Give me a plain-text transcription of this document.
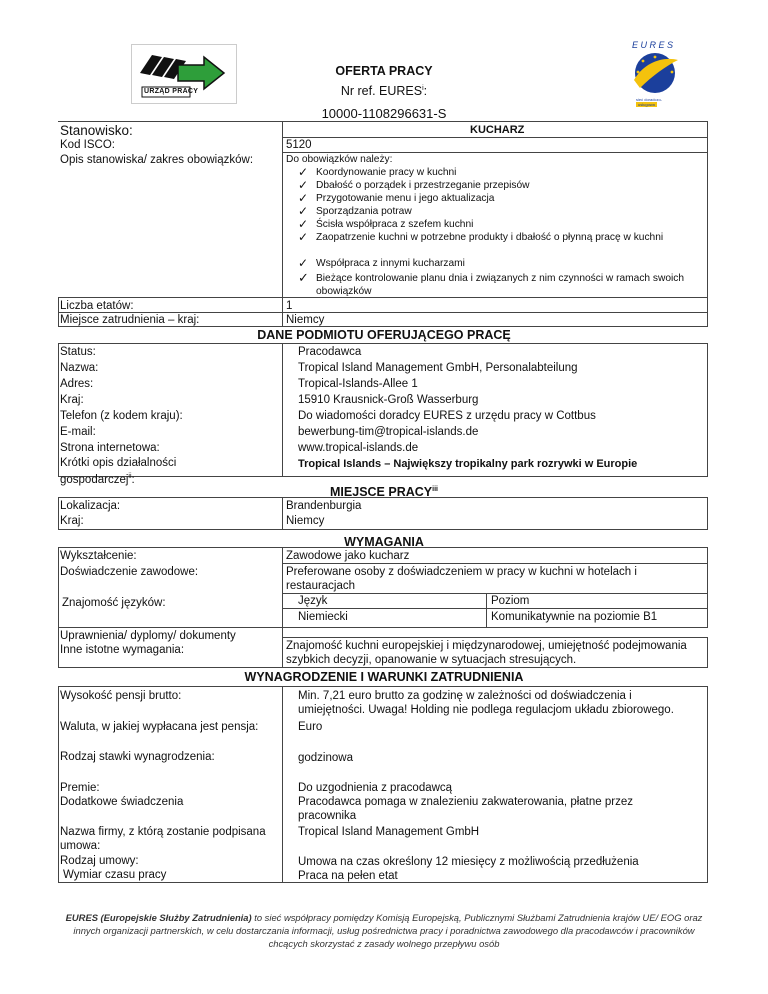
URZĄD PRACY
OFERTA PRACY
Nr ref. EURES$^i$:
10000-1108296631-S
EURES
sieć doradczo-
usługowa
Stanowisko:	KUCHARZ
Kod ISCO:	5120
Opis stanowiska/ zakres obowiązków:	Do obowiązków należy:
✓ Koordynowanie pracy w kuchni
✓ Dbałość o porządek i przestrzeganie przepisów
✓ Przygotowanie menu i jego aktualizacja
✓ Sporządzania potraw
✓ Ścisła współpraca z szefem kuchni
✓ Zaopatrzenie kuchni w potrzebne produkty i dbałość o płynną pracę w kuchni
✓ Współpraca z innymi kucharzami
✓ Bieżące kontrolowanie planu dnia i związanych z nim czynności w ramach swoich obowiązków
Liczba etatów:	1
Miejsce zatrudnienia – kraj:	Niemcy
DANE PODMIOTU OFERUJĄCEGO PRACĘ
Status:	Pracodawca
Nazwa:	Tropical Island Management GmbH, Personalabteilung
Adres:	Tropical-Islands-Allee 1
Kraj:	15910 Krausnick-Groß Wasserburg
Telefon (z kodem kraju):	Do wiadomości doradcy EURES z urzędu pracy w Cottbus
E-mail:	bewerbung-tim@tropical-islands.de
Strona internetowa:	www.tropical-islands.de
Krótki opis działalności
gospodarczej$^{ii}$:
Tropical Islands – Największy tropikalny park rozrywki w Europie
MIEJSCE PRACY$^{iii}$
Lokalizacja:	Brandenburgia
Kraj:	Niemcy
WYMAGANIA
Wykształcenie:	Zawodowe jako kucharz
Doświadczenie zawodowe:	Preferowane osoby z doświadczeniem w pracy w kuchni w hotelach i restauracjach
Znajomość języków:	Język	Poziom
Niemiecki	Komunikatywnie na poziomie B1
Uprawnienia/ dyplomy/ dokumenty
Inne istotne wymagania:	Znajomość kuchni europejskiej i międzynarodowej, umiejętność podejmowania szybkich decyzji, opanowanie w sytuacjach stresujących.
WYNAGRODZENIE I WARUNKI ZATRUDNIENIA
Wysokość pensji brutto:	Min. 7,21 euro brutto za godzinę w zależności od doświadczenia i umiejętności. Uwaga! Holding nie podlega regulacjom układu zbiorowego.
Waluta, w jakiej wypłacana jest pensja:	Euro
Rodzaj stawki wynagrodzenia:	godzinowa
Premie:	Do uzgodnienia z pracodawcą
Dodatkowe świadczenia	Pracodawca pomaga w znalezieniu zakwaterowania, płatne przez pracownika
Nazwa firmy, z którą zostanie podpisana umowa:
Tropical Island Management GmbH
Rodzaj umowy:	Umowa na czas określony 12 miesięcy z możliwością przedłużenia
Wymiar czasu pracy	Praca na pełen etat
EURES (Europejskie Służby Zatrudnienia) to sieć współpracy pomiędzy Komisją Europejską, Publicznymi Służbami Zatrudnienia krajów UE/ EOG oraz innych organizacji partnerskich, w celu dostarczania informacji, usług pośrednictwa pracy i poradnictwa zawodowego dla pracodawców i pracowników chcących skorzystać z zasady wolnego przepływu osób
